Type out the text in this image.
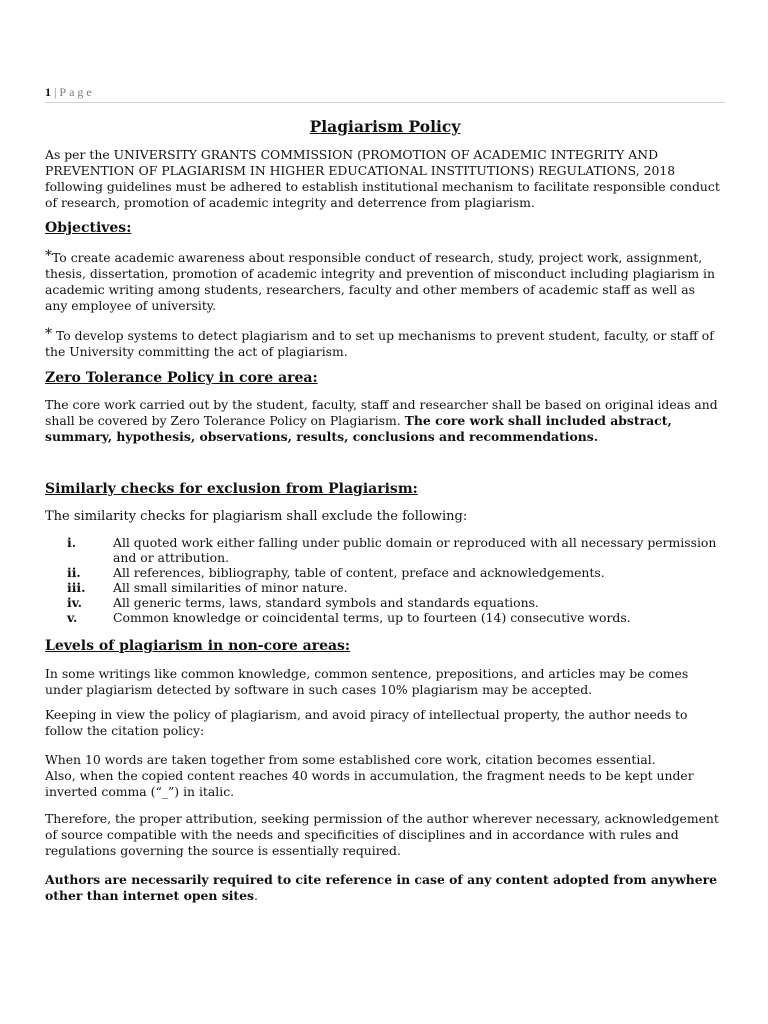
1 | Page
Plagiarism Policy
As per the UNIVERSITY GRANTS COMMISSION (PROMOTION OF ACADEMIC INTEGRITY AND PREVENTION OF PLAGIARISM IN HIGHER EDUCATIONAL INSTITUTIONS) REGULATIONS, 2018 following guidelines must be adhered to establish institutional mechanism to facilitate responsible conduct of research, promotion of academic integrity and deterrence from plagiarism.
Objectives:
*To create academic awareness about responsible conduct of research, study, project work, assignment, thesis, dissertation, promotion of academic integrity and prevention of misconduct including plagiarism in academic writing among students, researchers, faculty and other members of academic staff as well as any employee of university.
* To develop systems to detect plagiarism and to set up mechanisms to prevent student, faculty, or staff of the University committing the act of plagiarism.
Zero Tolerance Policy in core area:
The core work carried out by the student, faculty, staff and researcher shall be based on original ideas and shall be covered by Zero Tolerance Policy on Plagiarism. The core work shall included abstract, summary, hypothesis, observations, results, conclusions and recommendations.
Similarly checks for exclusion from Plagiarism:
The similarity checks for plagiarism shall exclude the following:
i.	All quoted work either falling under public domain or reproduced with all necessary permission and or attribution.
ii.	All references, bibliography, table of content, preface and acknowledgements.
iii.	All small similarities of minor nature.
iv.	All generic terms, laws, standard symbols and standards equations.
v.	Common knowledge or coincidental terms, up to fourteen (14) consecutive words.
Levels of plagiarism in non-core areas:
In some writings like common knowledge, common sentence, prepositions, and articles may be comes under plagiarism detected by software in such cases 10% plagiarism may be accepted.
Keeping in view the policy of plagiarism, and avoid piracy of intellectual property, the author needs to follow the citation policy:
When 10 words are taken together from some established core work, citation becomes essential.
Also, when the copied content reaches 40 words in accumulation, the fragment needs to be kept under inverted comma (“_”) in italic.
Therefore, the proper attribution, seeking permission of the author wherever necessary, acknowledgement of source compatible with the needs and specificities of disciplines and in accordance with rules and regulations governing the source is essentially required.
Authors are necessarily required to cite reference in case of any content adopted from anywhere other than internet open sites.
